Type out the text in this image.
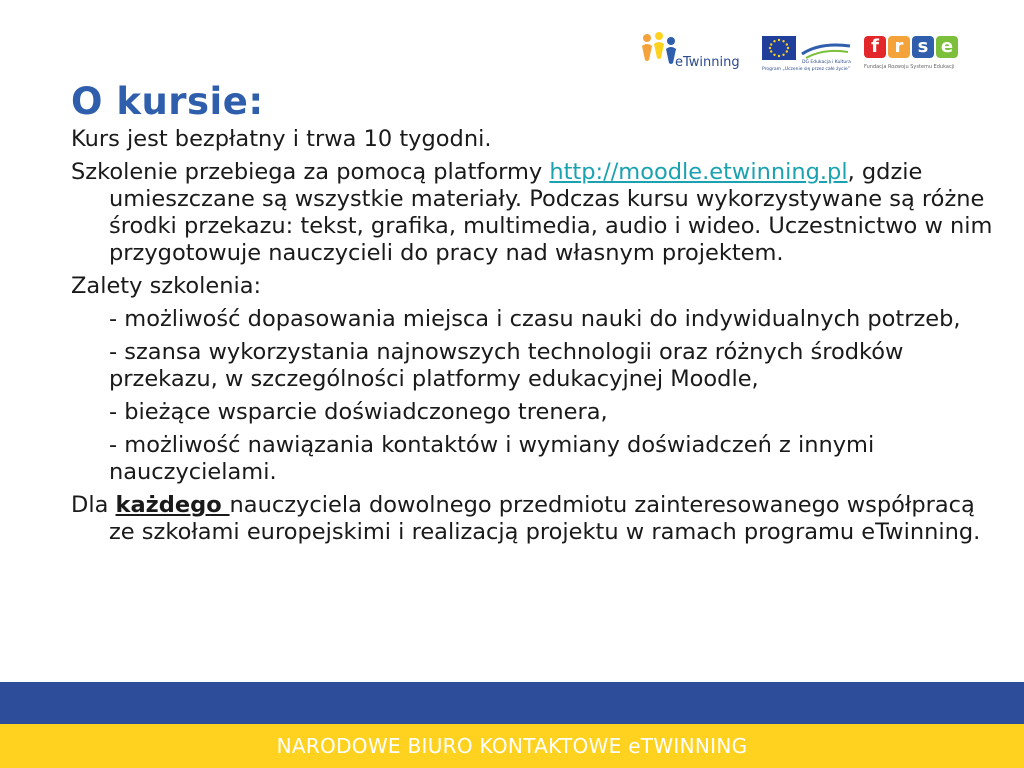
eTwinning	DG Edukacja i Kultura
Program „Uczenie się przez całe życie”
f r s e
Fundacja Rozwoju Systemu Edukacji
O kursie:

Kurs jest bezpłatny i trwa 10 tygodni.

Szkolenie przebiega za pomocą platformy http://moodle.etwinning.pl, gdzie umieszczane są wszystkie materiały. Podczas kursu wykorzystywane są różne środki przekazu: tekst, grafika, multimedia, audio i wideo. Uczestnictwo w nim przygotowuje nauczycieli do pracy nad własnym projektem.

Zalety szkolenia:

- możliwość dopasowania miejsca i czasu nauki do indywidualnych potrzeb,

- szansa wykorzystania najnowszych technologii oraz różnych środków przekazu, w szczególności platformy edukacyjnej Moodle,

- bieżące wsparcie doświadczonego trenera,

- możliwość nawiązania kontaktów i wymiany doświadczeń z innymi nauczycielami.

Dla każdego nauczyciela dowolnego przedmiotu zainteresowanego współpracą ze szkołami europejskimi i realizacją projektu w ramach programu eTwinning.

NARODOWE BIURO KONTAKTOWE eTWINNING
